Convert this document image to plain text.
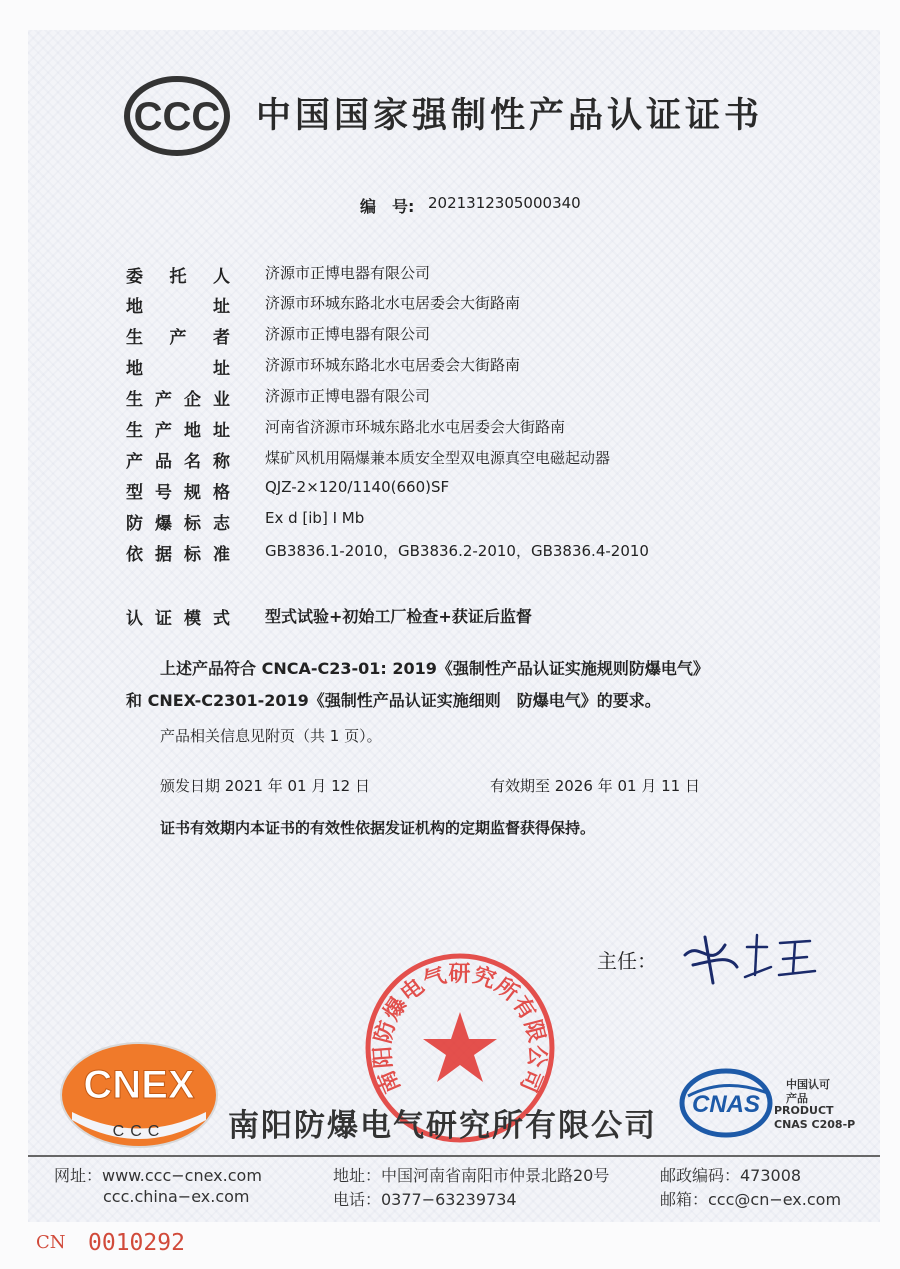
CCC 中国国家强制性产品认证证书
编　号: 2021312305000340
委托人 济源市正博电器有限公司
地址 济源市环城东路北水屯居委会大街路南
生产者 济源市正博电器有限公司
地址 济源市环城东路北水屯居委会大街路南
生产企业 济源市正博电器有限公司
生产地址 河南省济源市环城东路北水屯居委会大街路南
产品名称 煤矿风机用隔爆兼本质安全型双电源真空电磁起动器
型号规格 QJZ-2×120/1140(660)SF
防爆标志 Ex d [ib] Ⅰ Mb
依据标准 GB3836.1-2010，GB3836.2-2010，GB3836.4-2010
认证模式 型式试验+初始工厂检查+获证后监督
上述产品符合 CNCA-C23-01: 2019《强制性产品认证实施规则防爆电气》
和 CNEX-C2301-2019《强制性产品认证实施细则　防爆电气》的要求。
产品相关信息见附页（共 1 页）。
颁发日期 2021 年 01 月 12 日	有效期至 2026 年 01 月 11 日
证书有效期内本证书的有效性依据发证机构的定期监督获得保持。
主任：
南阳防爆电气研究所有限公司
CNEX
CCC 南阳防爆电气研究所有限公司
CNAS
中国认可
产品
PRODUCT
CNAS C208-P
网址：www.ccc−cnex.com
ccc.china−ex.com
地址：中国河南省南阳市仲景北路20号
电话：0377−63239734
邮政编码：473008
邮箱：ccc@cn−ex.com
CN 0010292
